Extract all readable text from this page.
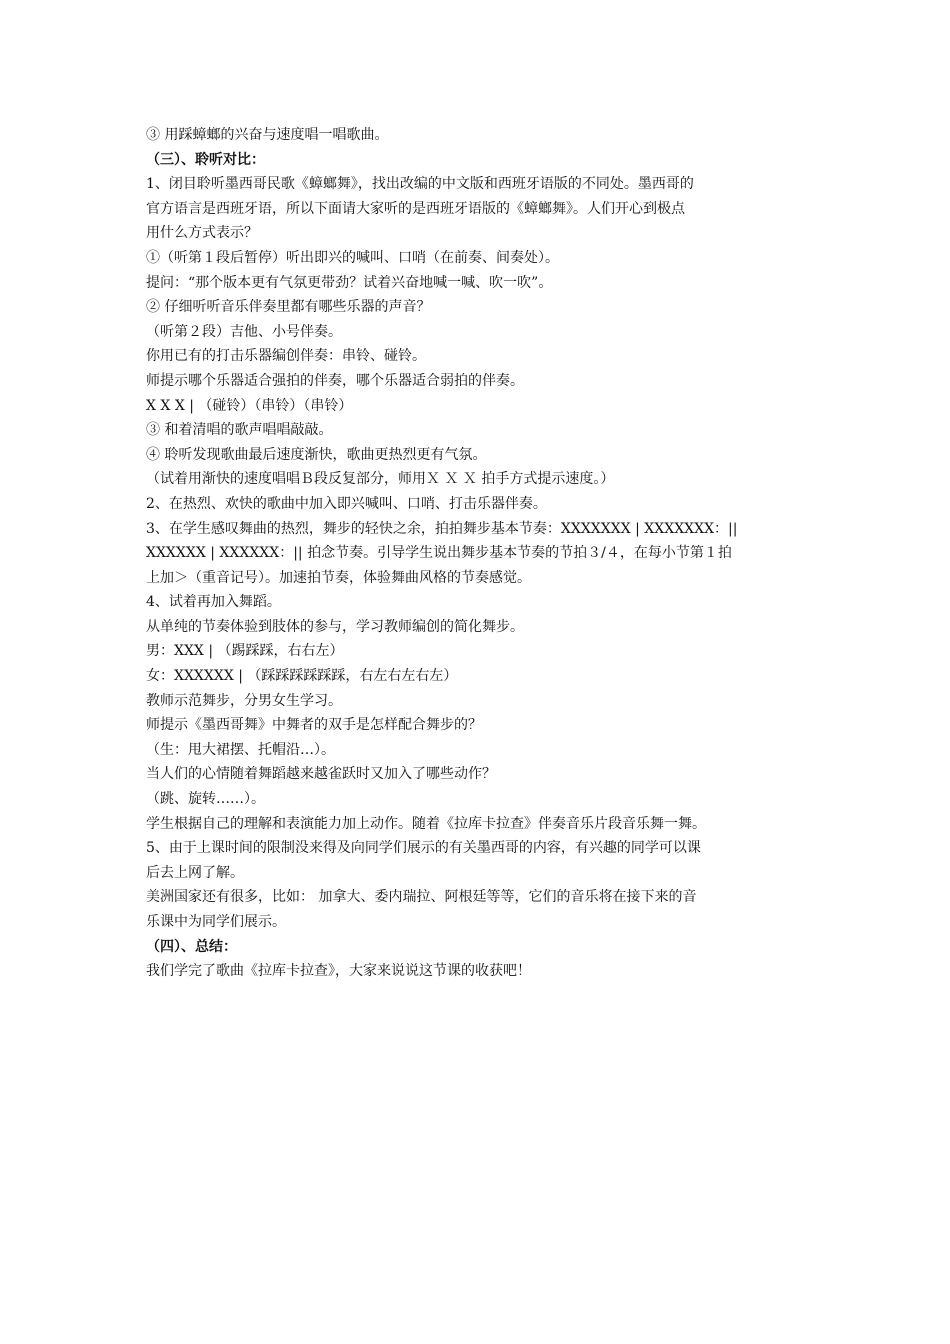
③ 用踩蟑螂的兴奋与速度唱一唱歌曲。
（三）、聆听对比：
1、闭目聆听墨西哥民歌《蟑螂舞》，找出改编的中文版和西班牙语版的不同处。墨西哥的
官方语言是西班牙语，所以下面请大家听的是西班牙语版的《蟑螂舞》。人们开心到极点
用什么方式表示？
①（听第１段后暂停）听出即兴的喊叫、口哨（在前奏、间奏处）。
提问：“那个版本更有气氛更带劲？试着兴奋地喊一喊、吹一吹”。
② 仔细听听音乐伴奏里都有哪些乐器的声音？
（听第２段）吉他、小号伴奏。
你用已有的打击乐器编创伴奏：串铃、碰铃。
师提示哪个乐器适合强拍的伴奏，哪个乐器适合弱拍的伴奏。
X X X | （碰铃）（串铃）（串铃）
③ 和着清唱的歌声唱唱敲敲。
④ 聆听发现歌曲最后速度渐快，歌曲更热烈更有气氛。
（试着用渐快的速度唱唱Ｂ段反复部分，师用Ｘ Ｘ Ｘ 拍手方式提示速度。）
2、在热烈、欢快的歌曲中加入即兴喊叫、口哨、打击乐器伴奏。
3、在学生感叹舞曲的热烈，舞步的轻快之余，拍拍舞步基本节奏：XXXXXXX | XXXXXXX：||
XXXXXX | XXXXXX：|| 拍念节奏。引导学生说出舞步基本节奏的节拍３/４，在每小节第１拍
上加＞（重音记号）。加速拍节奏，体验舞曲风格的节奏感觉。
4、试着再加入舞蹈。
从单纯的节奏体验到肢体的参与，学习教师编创的简化舞步。
男：XXX | （踢踩踩，右右左）
女：XXXXXX | （踩踩踩踩踩踩，右左右左右左）
教师示范舞步，分男女生学习。
师提示《墨西哥舞》中舞者的双手是怎样配合舞步的？
（生：甩大裙摆、托帽沿…）。
当人们的心情随着舞蹈越来越雀跃时又加入了哪些动作？
（跳、旋转……）。
学生根据自己的理解和表演能力加上动作。随着《拉库卡拉查》伴奏音乐片段音乐舞一舞。
5、由于上课时间的限制没来得及向同学们展示的有关墨西哥的内容，有兴趣的同学可以课
后去上网了解。
美洲国家还有很多，比如： 加拿大、委内瑞拉、阿根廷等等，它们的音乐将在接下来的音
乐课中为同学们展示。
（四）、总结：
我们学完了歌曲《拉库卡拉查》，大家来说说这节课的收获吧！
